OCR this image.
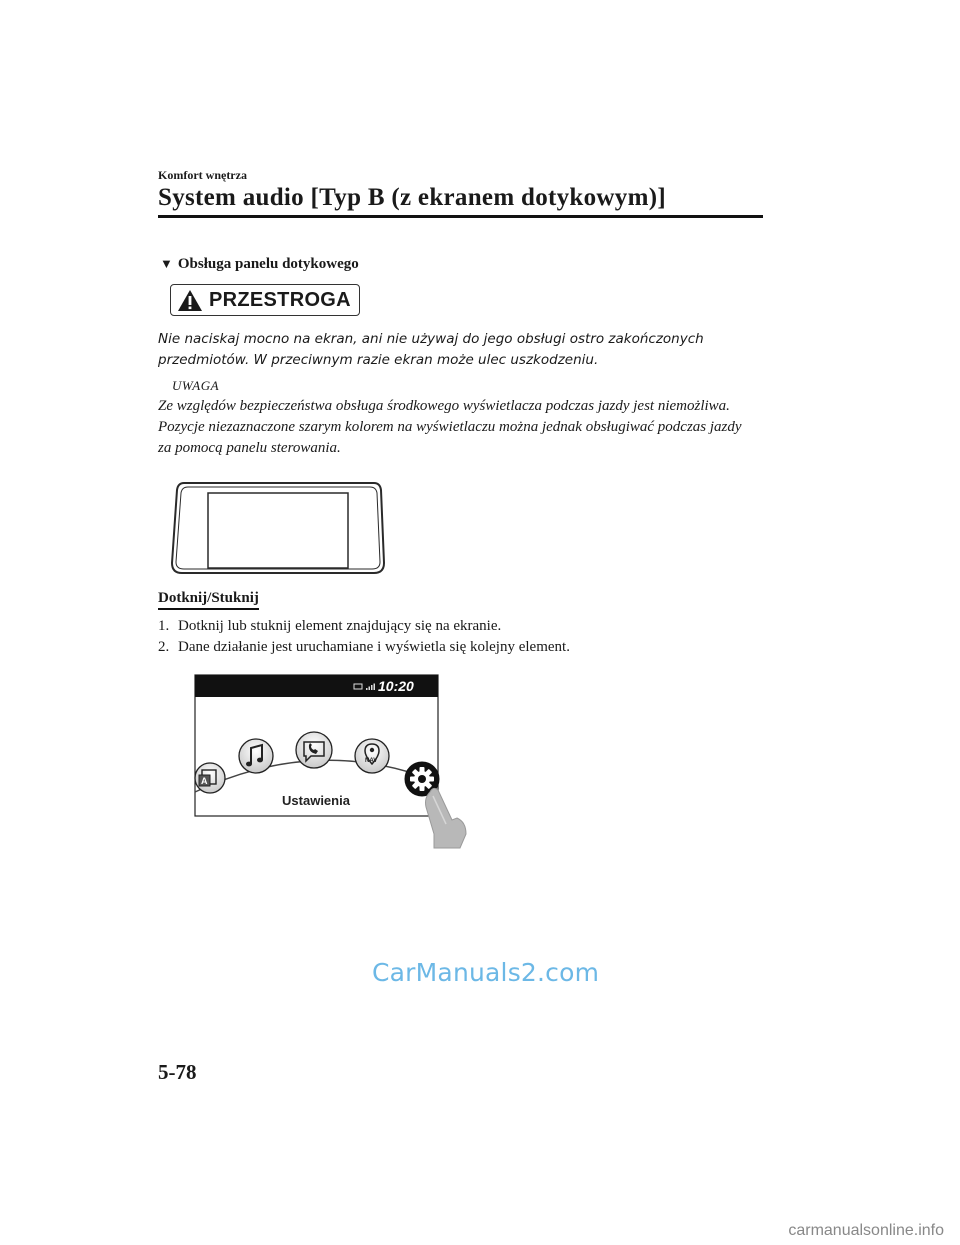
Komfort wnętrza
System audio [Typ B (z ekranem dotykowym)]
▼ Obsługa panelu dotykowego
PRZESTROGA
Nie naciskaj mocno na ekran, ani nie używaj do jego obsługi ostro zakończonych przedmiotów. W przeciwnym razie ekran może ulec uszkodzeniu.
UWAGA
Ze względów bezpieczeństwa obsługa środkowego wyświetlacza podczas jazdy jest niemożliwa. Pozycje niezaznaczone szarym kolorem na wyświetlaczu można jednak obsługiwać podczas jazdy za pomocą panelu sterowania.
Dotknij/Stuknij
1. Dotknij lub stuknij element znajdujący się na ekranie.
2. Dane działanie jest uruchamiane i wyświetla się kolejny element.
10:20
A
NAV
Ustawienia
CarManuals2.com
5-78
carmanualsonline.info
